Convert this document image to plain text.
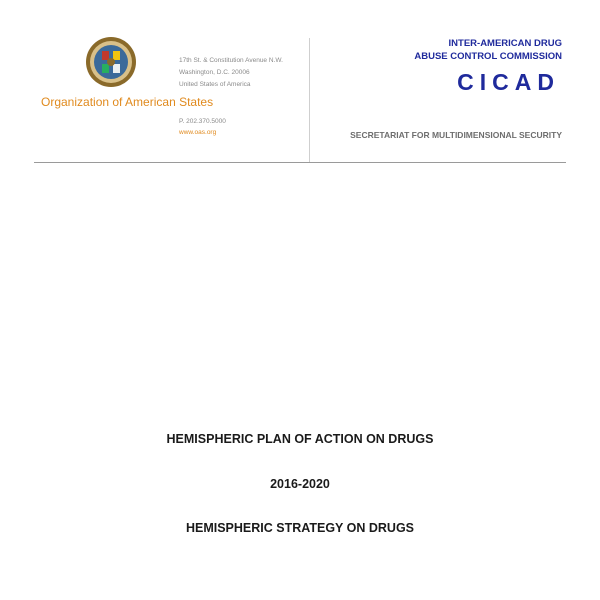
Organization of American States
17th St. & Constitution Avenue N.W.
Washington, D.C. 20006
United States of America
P. 202.370.5000
www.oas.org
INTER-AMERICAN DRUG
ABUSE CONTROL COMMISSION
CICAD
SECRETARIAT FOR MULTIDIMENSIONAL SECURITY
HEMISPHERIC PLAN OF ACTION ON DRUGS
2016-2020
HEMISPHERIC STRATEGY ON DRUGS
